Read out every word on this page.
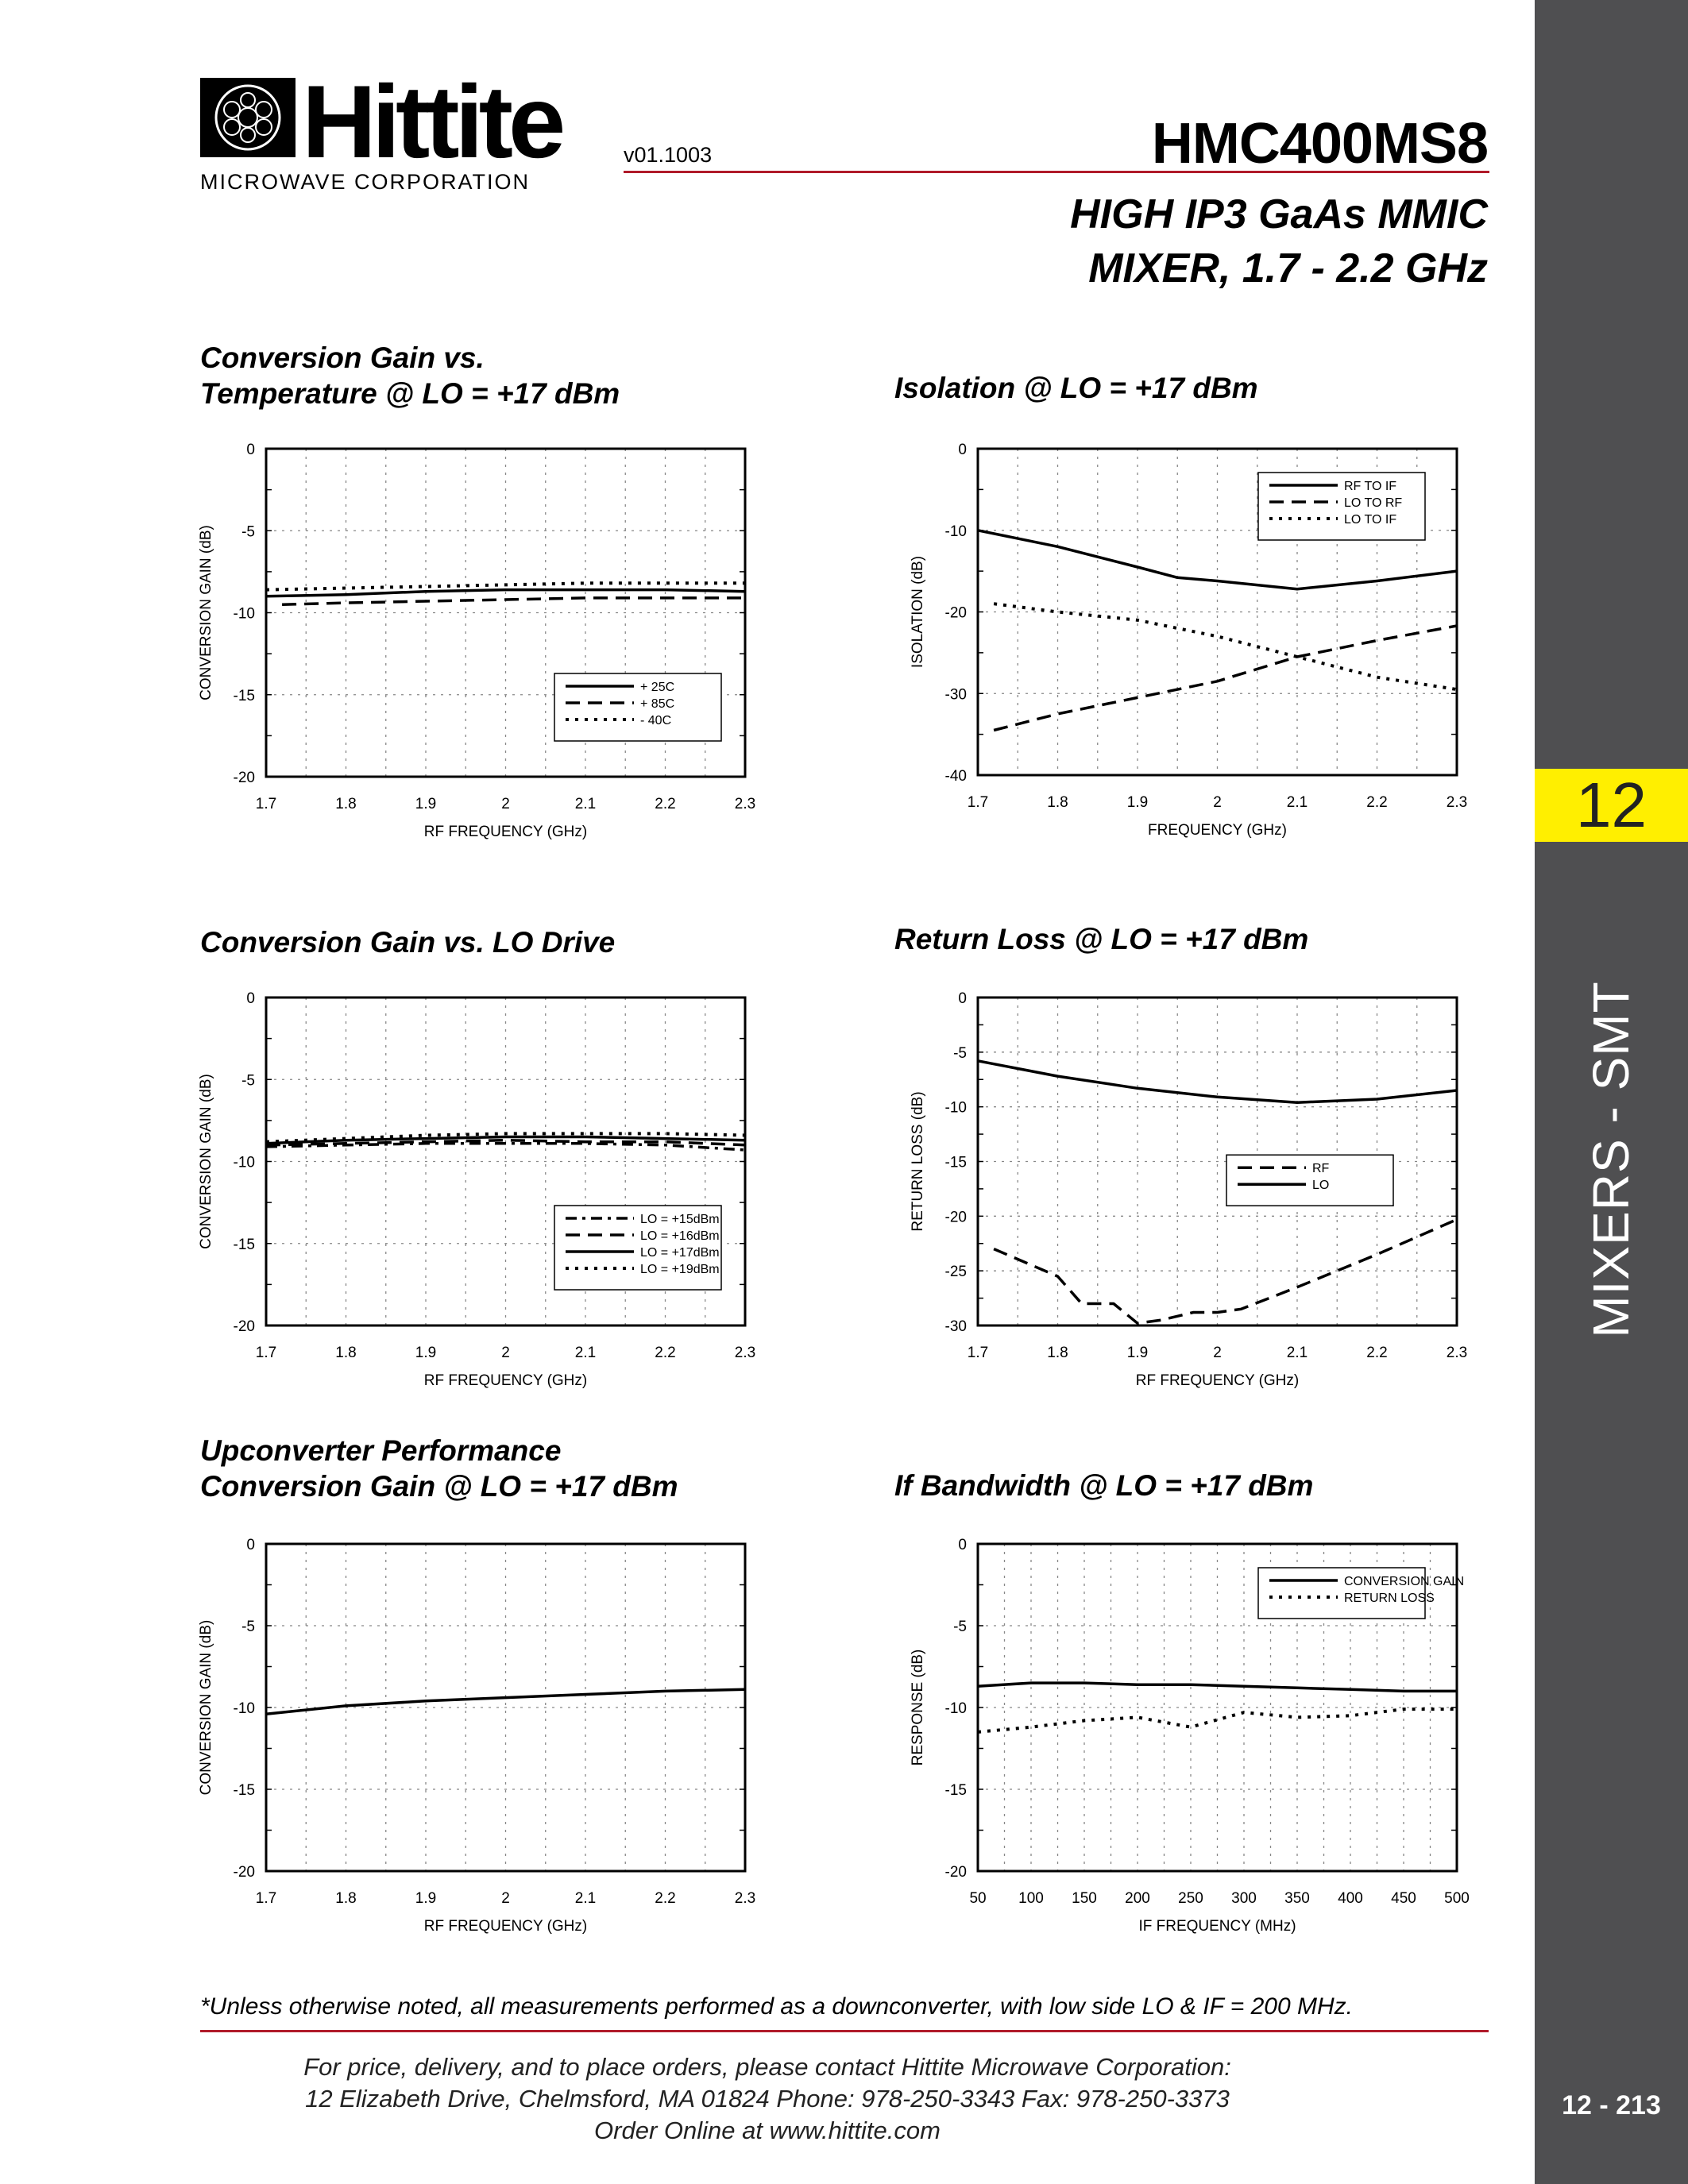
12
MIXERS - SMT
12 - 213
Hittite
MICROWAVE CORPORATION
v01.1003	HMC400MS8
HIGH IP3 GaAs MMIC
MIXER, 1.7 - 2.2 GHz
Conversion Gain vs.
Temperature @ LO = +17 dBm	Isolation @ LO = +17 dBm
Conversion Gain vs. LO Drive	Return Loss @ LO = +17 dBm
Upconverter Performance
Conversion Gain @ LO = +17 dBm	If Bandwidth @ LO = +17 dBm
1.7	1.8	1.9	2	2.1	2.2	2.3
0
-5
-10
-15
-20
RF FREQUENCY (GHz)
CONVERSION GAIN (dB)	+ 25C
+ 85C
- 40C
1.7	1.8	1.9	2	2.1	2.2	2.3
0
-10
-20
-30
-40
FREQUENCY (GHz)
ISOLATION (dB)
RF TO IF
LO TO RF
LO TO IF
1.7	1.8	1.9	2	2.1	2.2	2.3
0
-5
-10
-15
-20
RF FREQUENCY (GHz)
CONVERSION GAIN (dB)	LO = +15dBm
LO = +16dBm
LO = +17dBm
LO = +19dBm
1.7	1.8	1.9	2	2.1	2.2	2.3
0
-5
-10
-15
-20
-25
-30
RF FREQUENCY (GHz)
RETURN LOSS (dB)	RF
LO
1.7	1.8	1.9	2	2.1	2.2	2.3
0
-5
-10
-15
-20
RF FREQUENCY (GHz)
CONVERSION GAIN (dB)
50 100 150 200 250 300 350 400 450 500
0
-5
-10
-15
-20
IF FREQUENCY (MHz)
RESPONSE (dB)
CONVERSION GAIN
RETURN LOSS
*Unless otherwise noted, all measurements performed as a downconverter, with low side LO & IF = 200 MHz.
For price, delivery, and to place orders, please contact Hittite Microwave Corporation:
12 Elizabeth Drive, Chelmsford, MA 01824 Phone: 978-250-3343 Fax: 978-250-3373
Order Online at www.hittite.com
